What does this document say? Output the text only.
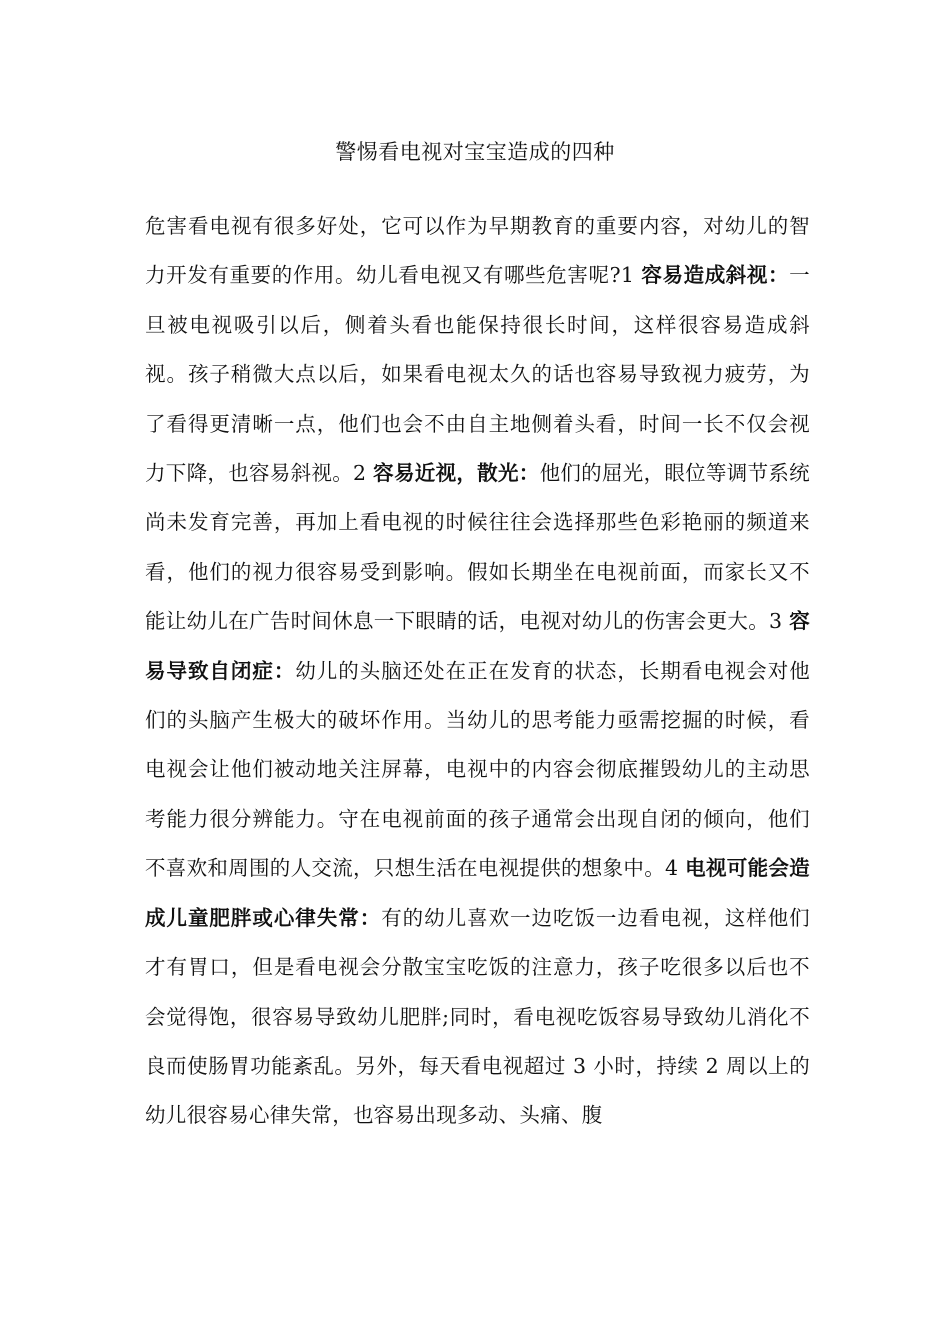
警惕看电视对宝宝造成的四种
危害看电视有很多好处，它可以作为早期教育的重要内容，对幼儿的智力开发有重要的作用。幼儿看电视又有哪些危害呢?1 容易造成斜视：一旦被电视吸引以后，侧着头看也能保持很长时间，这样很容易造成斜视。孩子稍微大点以后，如果看电视太久的话也容易导致视力疲劳，为了看得更清晰一点，他们也会不由自主地侧着头看，时间一长不仅会视力下降，也容易斜视。2 容易近视，散光：他们的屈光，眼位等调节系统尚未发育完善，再加上看电视的时候往往会选择那些色彩艳丽的频道来看，他们的视力很容易受到影响。假如长期坐在电视前面，而家长又不能让幼儿在广告时间休息一下眼睛的话，电视对幼儿的伤害会更大。3 容易导致自闭症：幼儿的头脑还处在正在发育的状态，长期看电视会对他们的头脑产生极大的破坏作用。当幼儿的思考能力亟需挖掘的时候，看电视会让他们被动地关注屏幕，电视中的内容会彻底摧毁幼儿的主动思考能力很分辨能力。守在电视前面的孩子通常会出现自闭的倾向，他们不喜欢和周围的人交流，只想生活在电视提供的想象中。4 电视可能会造成儿童肥胖或心律失常：有的幼儿喜欢一边吃饭一边看电视，这样他们才有胃口，但是看电视会分散宝宝吃饭的注意力，孩子吃很多以后也不会觉得饱，很容易导致幼儿肥胖;同时，看电视吃饭容易导致幼儿消化不良而使肠胃功能紊乱。另外，每天看电视超过 3 小时，持续 2 周以上的幼儿很容易心律失常，也容易出现多动、头痛、腹
